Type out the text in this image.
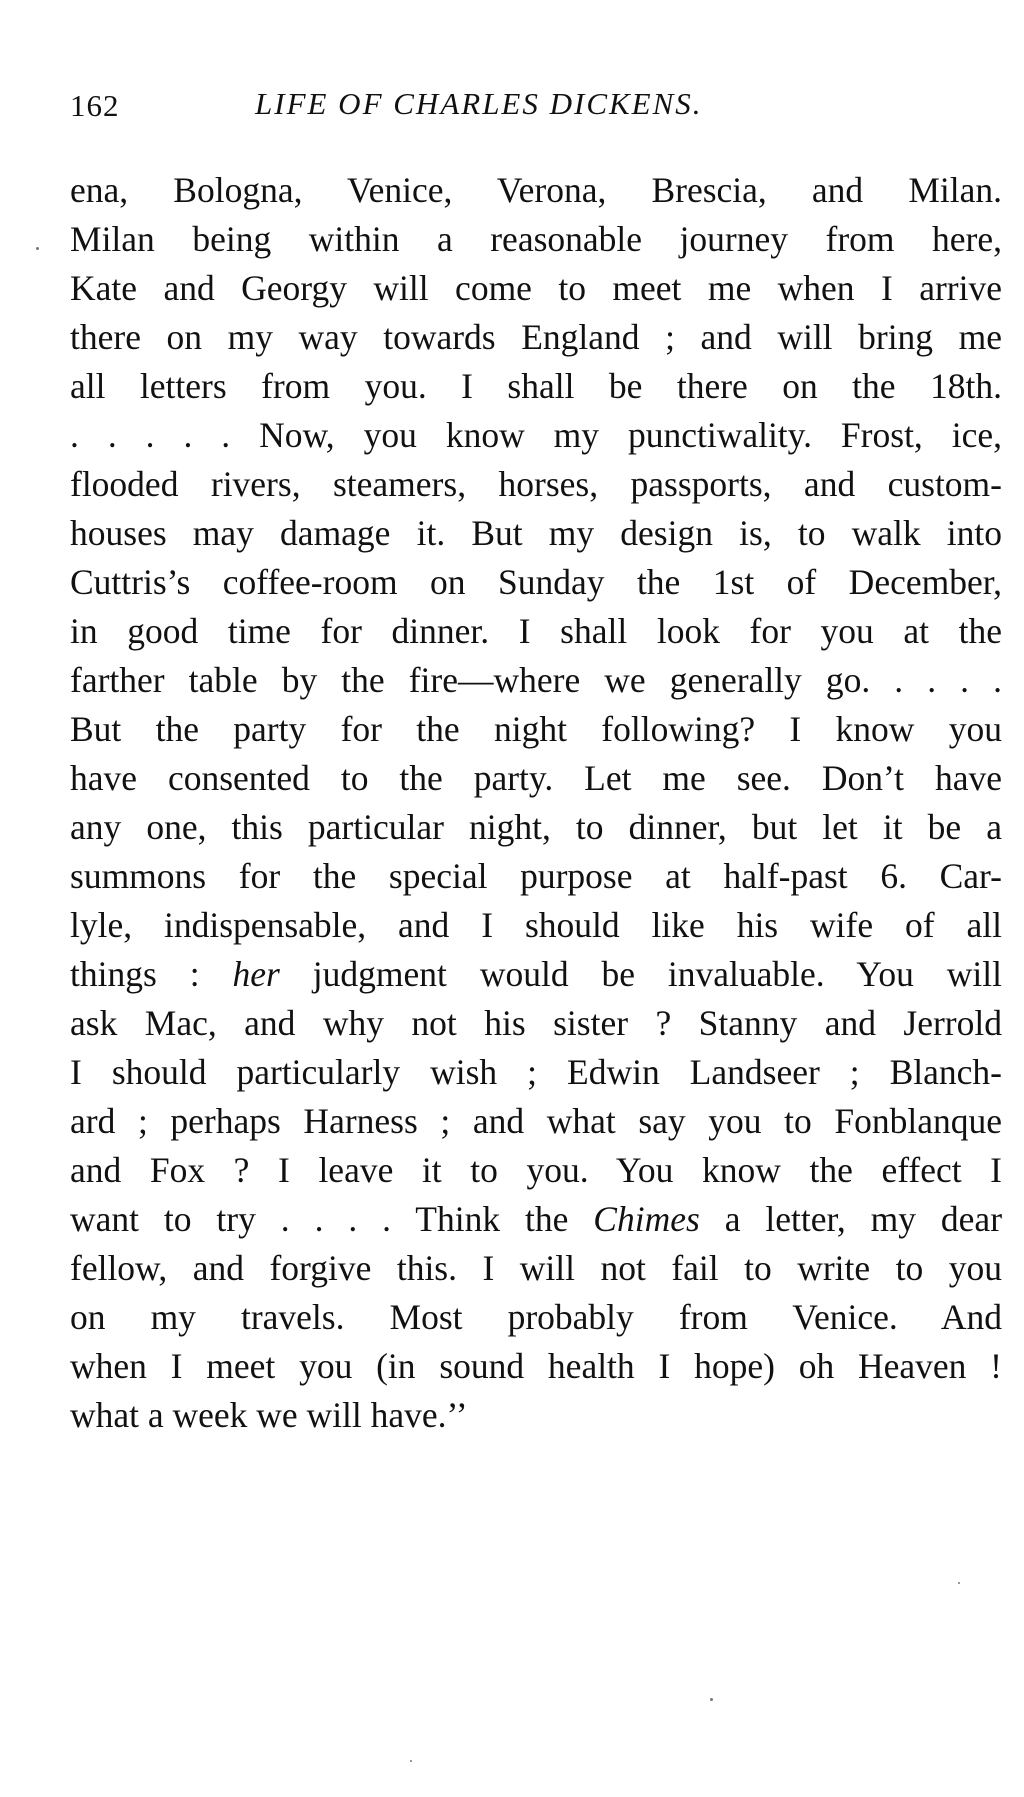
162	LIFE OF CHARLES DICKENS.
ena, Bologna, Venice, Verona, Brescia, and Milan.
Milan being within a reasonable journey from here,
Kate and Georgy will come to meet me when I arrive
there on my way towards England ; and will bring me
all letters from you. I shall be there on the 18th.
. . . . . Now, you know my punctiwality. Frost, ice,
flooded rivers, steamers, horses, passports, and custom-
houses may damage it. But my design is, to walk into
Cuttris’s coffee-room on Sunday the 1st of December,
in good time for dinner. I shall look for you at the
farther table by the fire—where we generally go. . . . .
But the party for the night following? I know you
have consented to the party. Let me see. Don’t have
any one, this particular night, to dinner, but let it be a
summons for the special purpose at half-past 6. Car-
lyle, indispensable, and I should like his wife of all
things : her judgment would be invaluable. You will
ask Mac, and why not his sister ? Stanny and Jerrold
I should particularly wish ; Edwin Landseer ; Blanch-
ard ; perhaps Harness ; and what say you to Fonblanque
and Fox ? I leave it to you. You know the effect I
want to try . . . . Think the Chimes a letter, my dear
fellow, and forgive this. I will not fail to write to you
on my travels. Most probably from Venice. And
when I meet you (in sound health I hope) oh Heaven !
what a week we will have.’’
